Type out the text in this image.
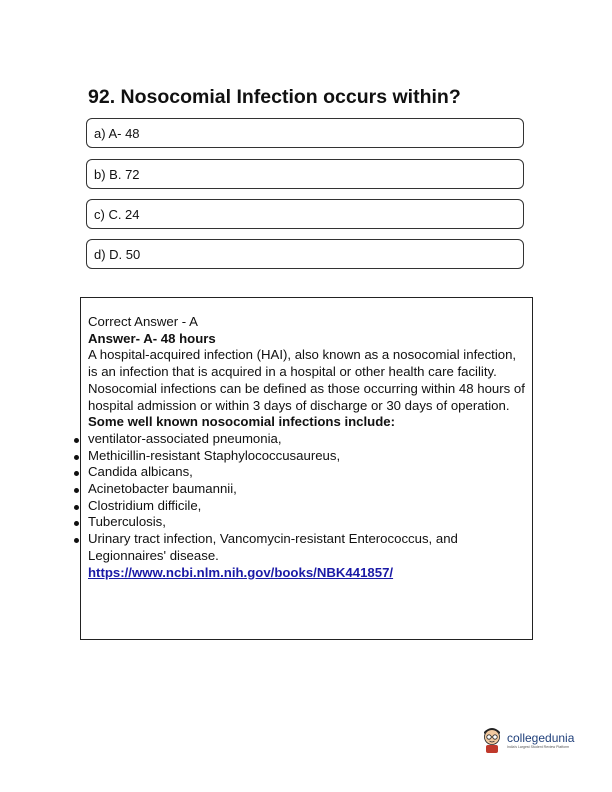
92. Nosocomial Infection occurs within?
a) A- 48
b) B. 72
c) C. 24
d) D. 50

Correct Answer - A

Answer- A- 48 hours

A hospital-acquired infection (HAI), also known as a nosocomial infection, is an infection that is acquired in a hospital or other health care facility.

Nosocomial infections can be defined as those occurring within 48 hours of hospital admission or within 3 days of discharge or 30 days of operation.

Some well known nosocomial infections include:

ventilator-associated pneumonia,
Methicillin-resistant Staphylococcusaureus,
Candida albicans,
Acinetobacter baumannii,
Clostridium difficile,
Tuberculosis,
Urinary tract infection, Vancomycin-resistant Enterococcus, and Legionnaires' disease.

https://www.ncbi.nlm.nih.gov/books/NBK441857/

collegedunia
India's Largest Student Review Platform
